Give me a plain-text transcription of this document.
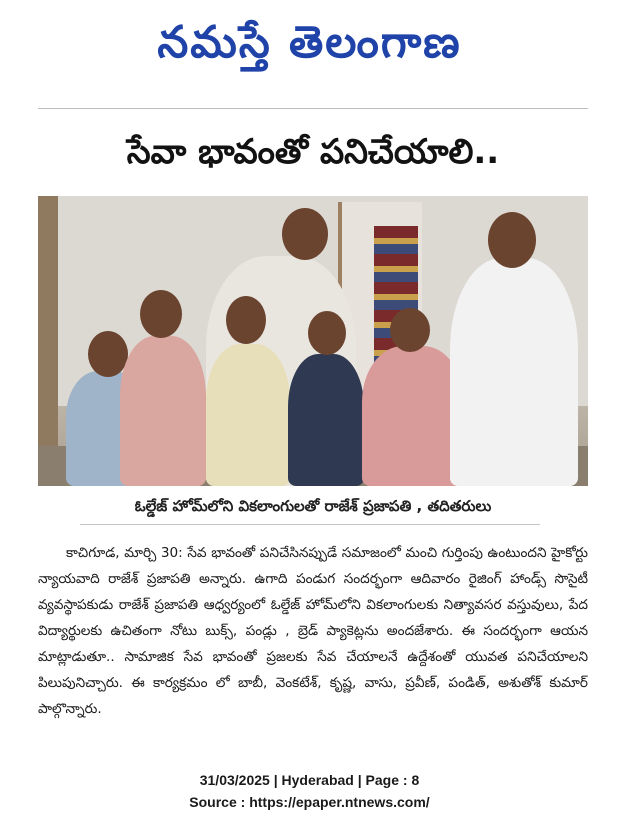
నమస్తే తెలంగాణ
సేవా భావంతో పనిచేయాలి..
ఓల్డేజ్ హోమ్‌లోని వికలాంగులతో రాజేశ్ ప్రజాపతి , తదితరులు

కాచిగూడ, మార్చి 30: సేవ భావంతో పనిచేసినప్పుడే సమాజంలో మంచి గుర్తింపు ఉంటుందని హైకోర్టు న్యాయవాది రాజేశ్ ప్రజాపతి అన్నారు. ఉగాది పండుగ సందర్భంగా ఆదివారం రైజింగ్ హాండ్స్ సొసైటీ వ్యవస్థాపకుడు రాజేశ్ ప్రజాపతి ఆధ్వర్యంలో ఓల్డేజ్ హోమ్‌లోని వికలాంగులకు నిత్యావసర వస్తువులు, పేద విద్యార్థులకు ఉచితంగా నోటు బుక్స్, పండ్లు , బ్రెడ్ ప్యాకెట్లను అందజేశారు. ఈ సందర్భంగా ఆయన మాట్లాడుతూ.. సామాజిక సేవ భావంతో ప్రజలకు సేవ చేయాలనే ఉద్దేశంతో యువత పనిచేయాలని పిలుపునిచ్చారు. ఈ కార్యక్రమం లో బాబీ, వెంకటేశ్, కృష్ణ, వాసు, ప్రవీణ్, పండిత్, అశుతోశ్ కుమార్ పాల్గొన్నారు.

31/03/2025 | Hyderabad | Page : 8
Source : https://epaper.ntnews.com/
